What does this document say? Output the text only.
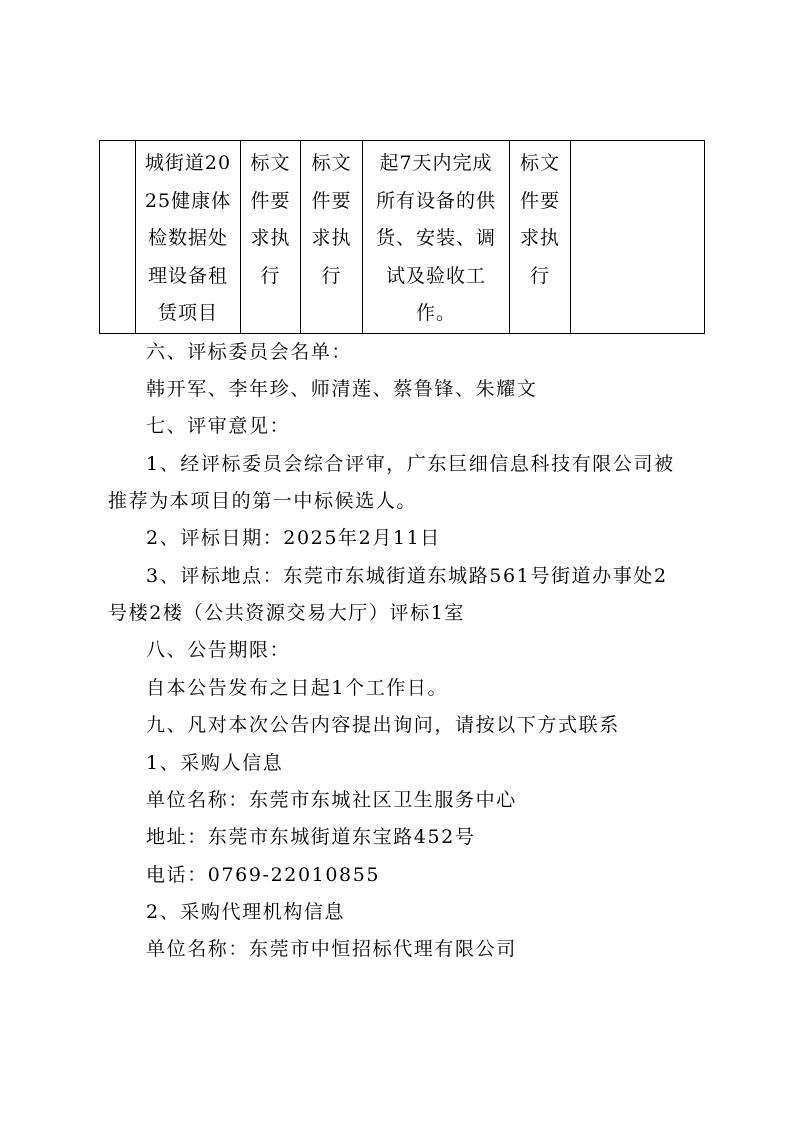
城街道20
25健康体
检数据处
理设备租
赁项目

标文
件要
求执
行

标文
件要
求执
行

起7天内完成
所有设备的供
货、安装、调
试及验收工
作。

标文
件要
求执
行

六、评标委员会名单：
韩开军、李年珍、师清莲、蔡鲁锋、朱耀文
七、评审意见：
1、经评标委员会综合评审，广东巨细信息科技有限公司被
推荐为本项目的第一中标候选人。
2、评标日期：2025年2月11日
3、评标地点：东莞市东城街道东城路561号街道办事处2
号楼2楼（公共资源交易大厅）评标1室
八、公告期限：
自本公告发布之日起1个工作日。
九、凡对本次公告内容提出询问，请按以下方式联系
1、采购人信息
单位名称：东莞市东城社区卫生服务中心
地址：东莞市东城街道东宝路452号
电话：0769-22010855
2、采购代理机构信息
单位名称：东莞市中恒招标代理有限公司
